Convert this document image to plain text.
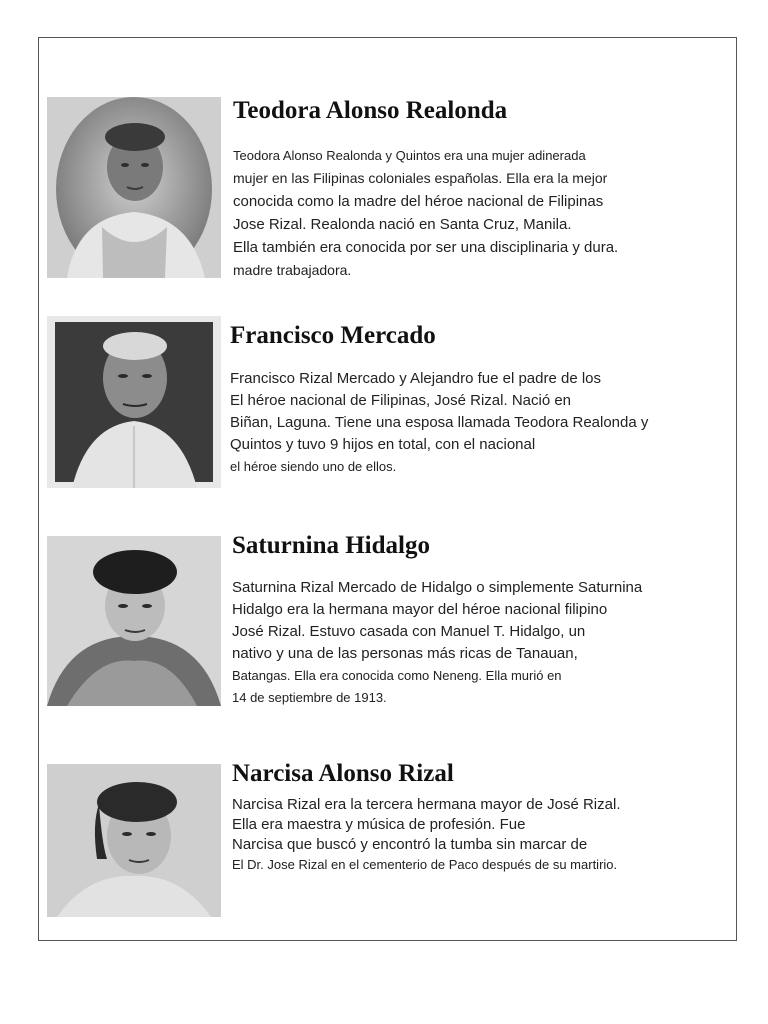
Teodora Alonso Realonda

Teodora Alonso Realonda y Quintos era una mujer adinerada
mujer en las Filipinas coloniales españolas. Ella era la mejor
conocida como la madre del héroe nacional de Filipinas
Jose Rizal. Realonda nació en Santa Cruz, Manila.
Ella también era conocida por ser una disciplinaria y dura.
madre trabajadora.

Francisco Mercado

Francisco Rizal Mercado y Alejandro fue el padre de los
El héroe nacional de Filipinas, José Rizal. Nació en
Biñan, Laguna. Tiene una esposa llamada Teodora Realonda y
Quintos y tuvo 9 hijos en total, con el nacional
el héroe siendo uno de ellos.

Saturnina Hidalgo

Saturnina Rizal Mercado de Hidalgo o simplemente Saturnina
Hidalgo era la hermana mayor del héroe nacional filipino
José Rizal. Estuvo casada con Manuel T. Hidalgo, un
nativo y una de las personas más ricas de Tanauan,
Batangas. Ella era conocida como Neneng. Ella murió en
14 de septiembre de 1913.

Narcisa Alonso Rizal

Narcisa Rizal era la tercera hermana mayor de José Rizal.
Ella era maestra y música de profesión. Fue
Narcisa que buscó y encontró la tumba sin marcar de
El Dr. Jose Rizal en el cementerio de Paco después de su martirio.
